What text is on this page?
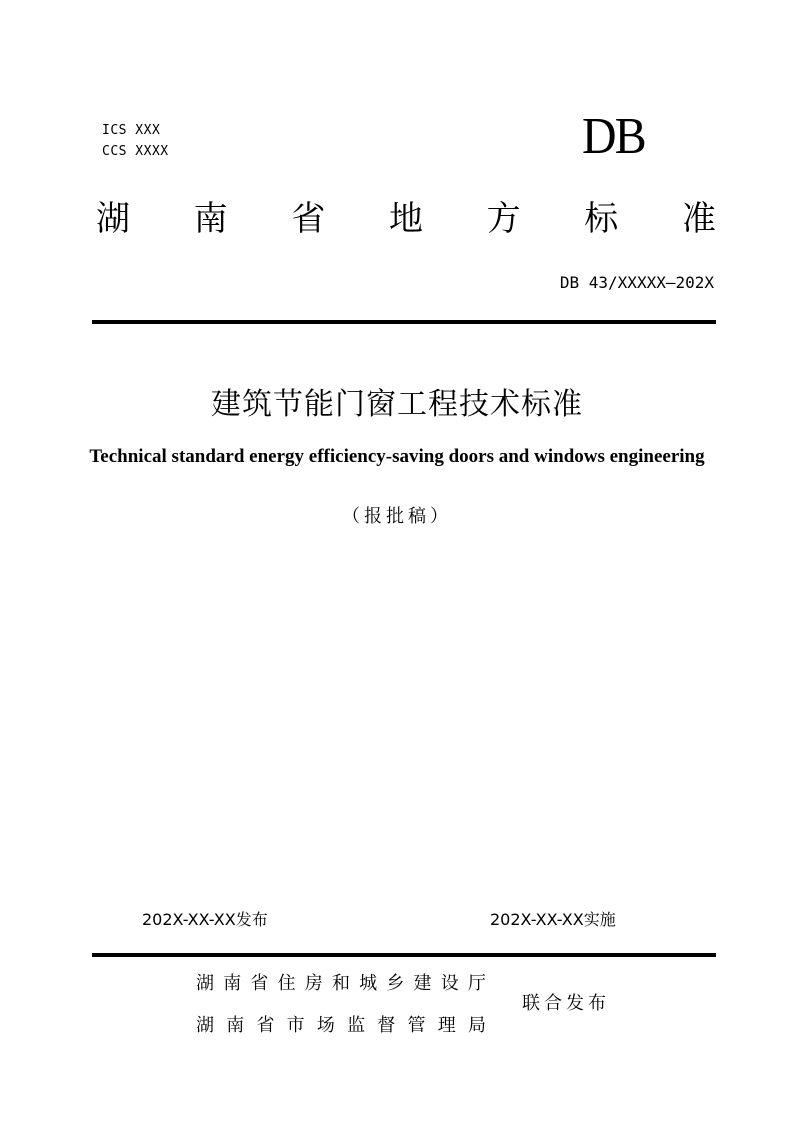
ICS XXX
CCS XXXX	DB
湖 南 省 地 方 标 准
DB 43/XXXXX—202X
建筑节能门窗工程技术标准
Technical standard energy efficiency-saving doors and windows engineering
（报批稿）
202X-XX-XX发布	202X-XX-XX实施
湖 南 省 住 房 和 城 乡 建 设 厅
湖 南 省 市 场 监 督 管 理 局
联合发布
